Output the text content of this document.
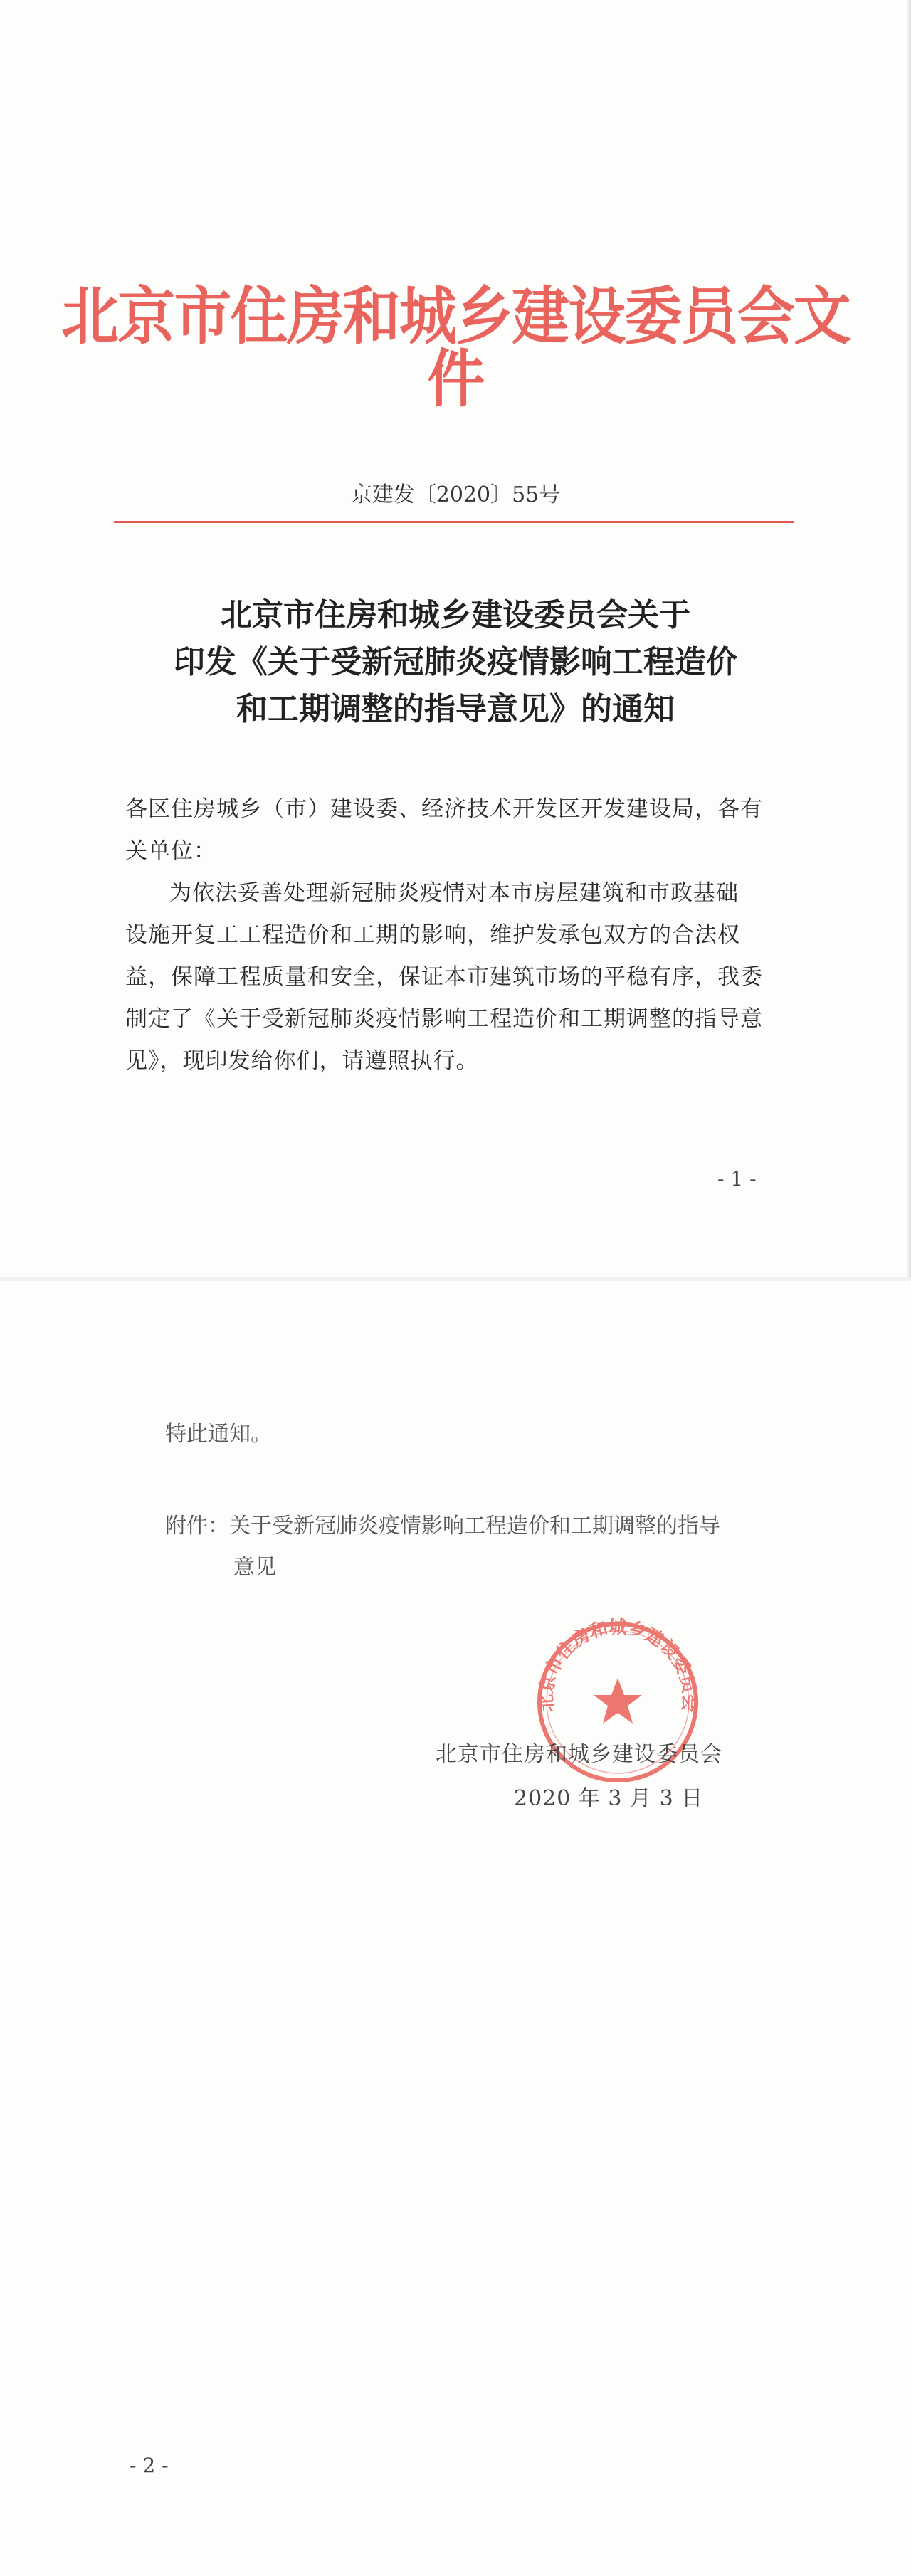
北京市住房和城乡建设委员会文件
京建发〔2020〕55号
北京市住房和城乡建设委员会关于
印发《关于受新冠肺炎疫情影响工程造价
和工期调整的指导意见》的通知
各区住房城乡（市）建设委、经济技术开发区开发建设局，各有
关单位：
为依法妥善处理新冠肺炎疫情对本市房屋建筑和市政基础
设施开复工工程造价和工期的影响，维护发承包双方的合法权
益，保障工程质量和安全，保证本市建筑市场的平稳有序，我委
制定了《关于受新冠肺炎疫情影响工程造价和工期调整的指导意
见》，现印发给你们，请遵照执行。
- 1 -
特此通知。
附件：关于受新冠肺炎疫情影响工程造价和工期调整的指导
意见
北京市住房和城乡建设委员会
北京市住房和城乡建设委员会
2020 年 3 月 3 日
- 2 -
